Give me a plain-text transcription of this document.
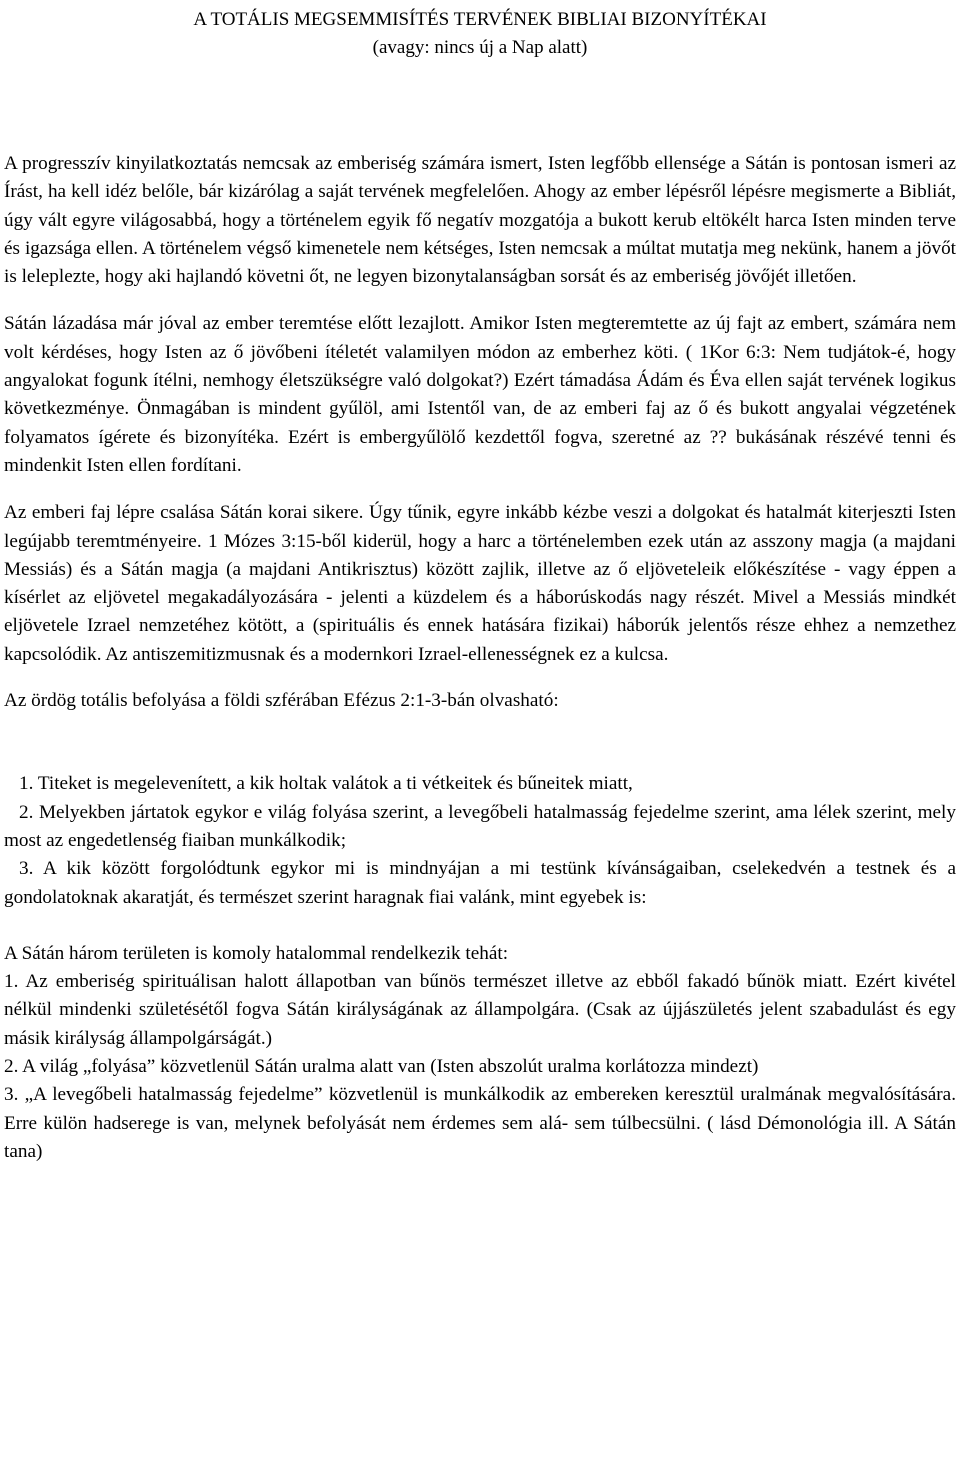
A TOTÁLIS MEGSEMMISÍTÉS TERVÉNEK BIBLIAI BIZONYÍTÉKAI
(avagy: nincs új a Nap alatt)

A progresszív kinyilatkoztatás nemcsak az emberiség számára ismert, Isten legfőbb ellensége a Sátán is pontosan ismeri az Írást, ha kell idéz belőle, bár kizárólag a saját tervének megfelelően. Ahogy az ember lépésről lépésre megismerte a Bibliát, úgy vált egyre világosabbá, hogy a történelem egyik fő negatív mozgatója a bukott kerub eltökélt harca Isten minden terve és igazsága ellen. A történelem végső kimenetele nem kétséges, Isten nemcsak a múltat mutatja meg nekünk, hanem a jövőt is leleplezte, hogy aki hajlandó követni őt, ne legyen bizonytalanságban sorsát és az emberiség jövőjét illetően.

Sátán lázadása már jóval az ember teremtése előtt lezajlott. Amikor Isten megteremtette az új fajt az embert, számára nem volt kérdéses, hogy Isten az ő jövőbeni ítéletét valamilyen módon az emberhez köti. ( 1Kor 6:3: Nem tudjátok-é, hogy angyalokat fogunk ítélni, nemhogy életszükségre való dolgokat?) Ezért támadása Ádám és Éva ellen saját tervének logikus következménye. Önmagában is mindent gyűlöl, ami Istentől van, de az emberi faj az ő és bukott angyalai végzetének folyamatos ígérete és bizonyítéka. Ezért is embergyűlölő kezdettől fogva, szeretné az ?? bukásának részévé tenni és mindenkit Isten ellen fordítani.

Az emberi faj lépre csalása Sátán korai sikere. Úgy tűnik, egyre inkább kézbe veszi a dolgokat és hatalmát kiterjeszti Isten legújabb teremtményeire. 1 Mózes 3:15-ből kiderül, hogy a harc a történelemben ezek után az asszony magja (a majdani Messiás) és a Sátán magja (a majdani Antikrisztus) között zajlik, illetve az ő eljöveteleik előkészítése - vagy éppen a kísérlet az eljövetel megakadályozására - jelenti a küzdelem és a háborúskodás nagy részét. Mivel a Messiás mindkét eljövetele Izrael nemzetéhez kötött, a (spirituális és ennek hatására fizikai) háborúk jelentős része ehhez a nemzethez kapcsolódik. Az antiszemitizmusnak és a modernkori Izrael-ellenességnek ez a kulcsa.

Az ördög totális befolyása a földi szférában Efézus 2:1-3-bán olvasható:

1. Titeket is megelevenített, a kik holtak valátok a ti vétkeitek és bűneitek miatt,

2. Melyekben jártatok egykor e világ folyása szerint, a levegőbeli hatalmasság fejedelme szerint, ama lélek szerint, mely most az engedetlenség fiaiban munkálkodik;

3. A kik között forgolódtunk egykor mi is mindnyájan a mi testünk kívánságaiban, cselekedvén a testnek és a gondolatoknak akaratját, és természet szerint haragnak fiai valánk, mint egyebek is:

A Sátán három területen is komoly hatalommal rendelkezik tehát:

1. Az emberiség spirituálisan halott állapotban van bűnös természet illetve az ebből fakadó bűnök miatt. Ezért kivétel nélkül mindenki születésétől fogva Sátán királyságának az állampolgára. (Csak az újjászületés jelent szabadulást és egy másik királyság állampolgárságát.)

2. A világ „folyása” közvetlenül Sátán uralma alatt van (Isten abszolút uralma korlátozza mindezt)

3. „A levegőbeli hatalmasság fejedelme” közvetlenül is munkálkodik az embereken keresztül uralmának megvalósítására. Erre külön hadserege is van, melynek befolyását nem érdemes sem alá- sem túlbecsülni. ( lásd Démonológia ill. A Sátán tana)
